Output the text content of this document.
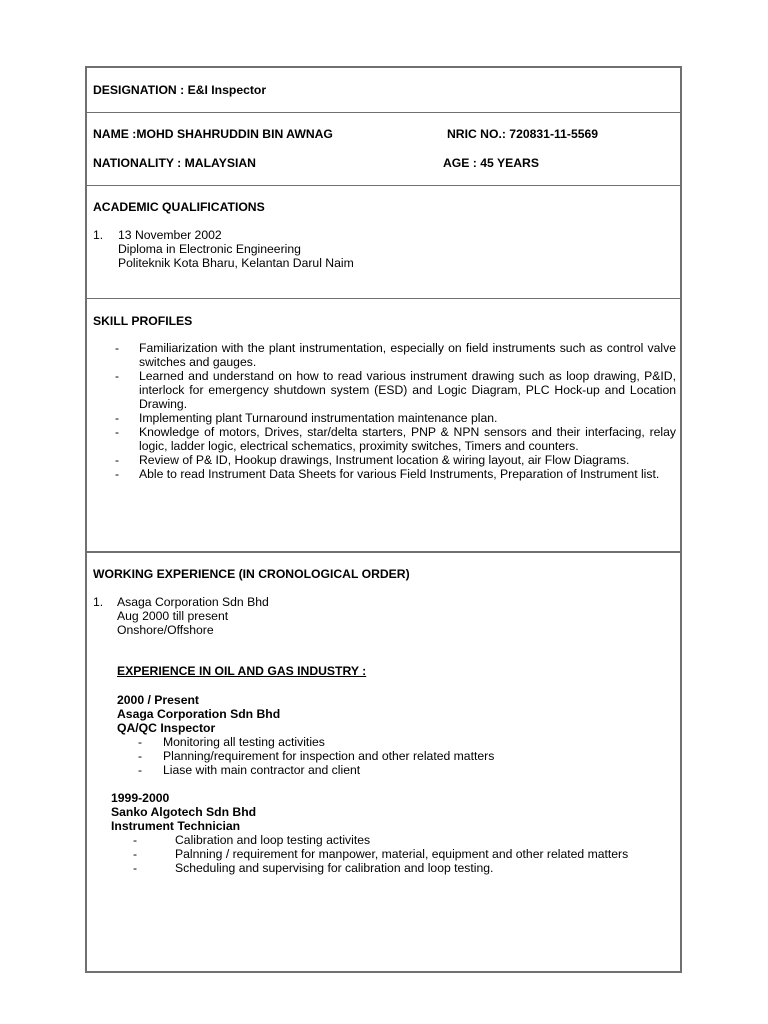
DESIGNATION : E&I Inspector
NAME :MOHD SHAHRUDDIN BIN AWNAG	NRIC NO.: 720831-11-5569
NATIONALITY : MALAYSIAN	AGE : 45 YEARS
ACADEMIC QUALIFICATIONS
1. 13 November 2002
Diploma in Electronic Engineering
Politeknik Kota Bharu, Kelantan Darul Naim
SKILL PROFILES
- Familiarization with the plant instrumentation, especially on field instruments such as control valve switches and gauges.
- Learned and understand on how to read various instrument drawing such as loop drawing, P&ID, interlock for emergency shutdown system (ESD) and Logic Diagram, PLC Hock-up and Location Drawing.
- Implementing plant Turnaround instrumentation maintenance plan.
- Knowledge of motors, Drives, star/delta starters, PNP & NPN sensors and their interfacing, relay logic, ladder logic, electrical schematics, proximity switches, Timers and counters.
- Review of P& ID, Hookup drawings, Instrument location & wiring layout, air Flow Diagrams.
- Able to read Instrument Data Sheets for various Field Instruments, Preparation of Instrument list.
WORKING EXPERIENCE (IN CRONOLOGICAL ORDER)
1. Asaga Corporation Sdn Bhd
Aug 2000 till present
Onshore/Offshore
EXPERIENCE IN OIL AND GAS INDUSTRY :
2000 / Present
Asaga Corporation Sdn Bhd
QA/QC Inspector
- Monitoring all testing activities
- Planning/requirement for inspection and other related matters
- Liase with main contractor and client
1999-2000
Sanko Algotech Sdn Bhd
Instrument Technician
-	Calibration and loop testing activites
-	Palnning / requirement for manpower, material, equipment and other related matters
-	Scheduling and supervising for calibration and loop testing.
